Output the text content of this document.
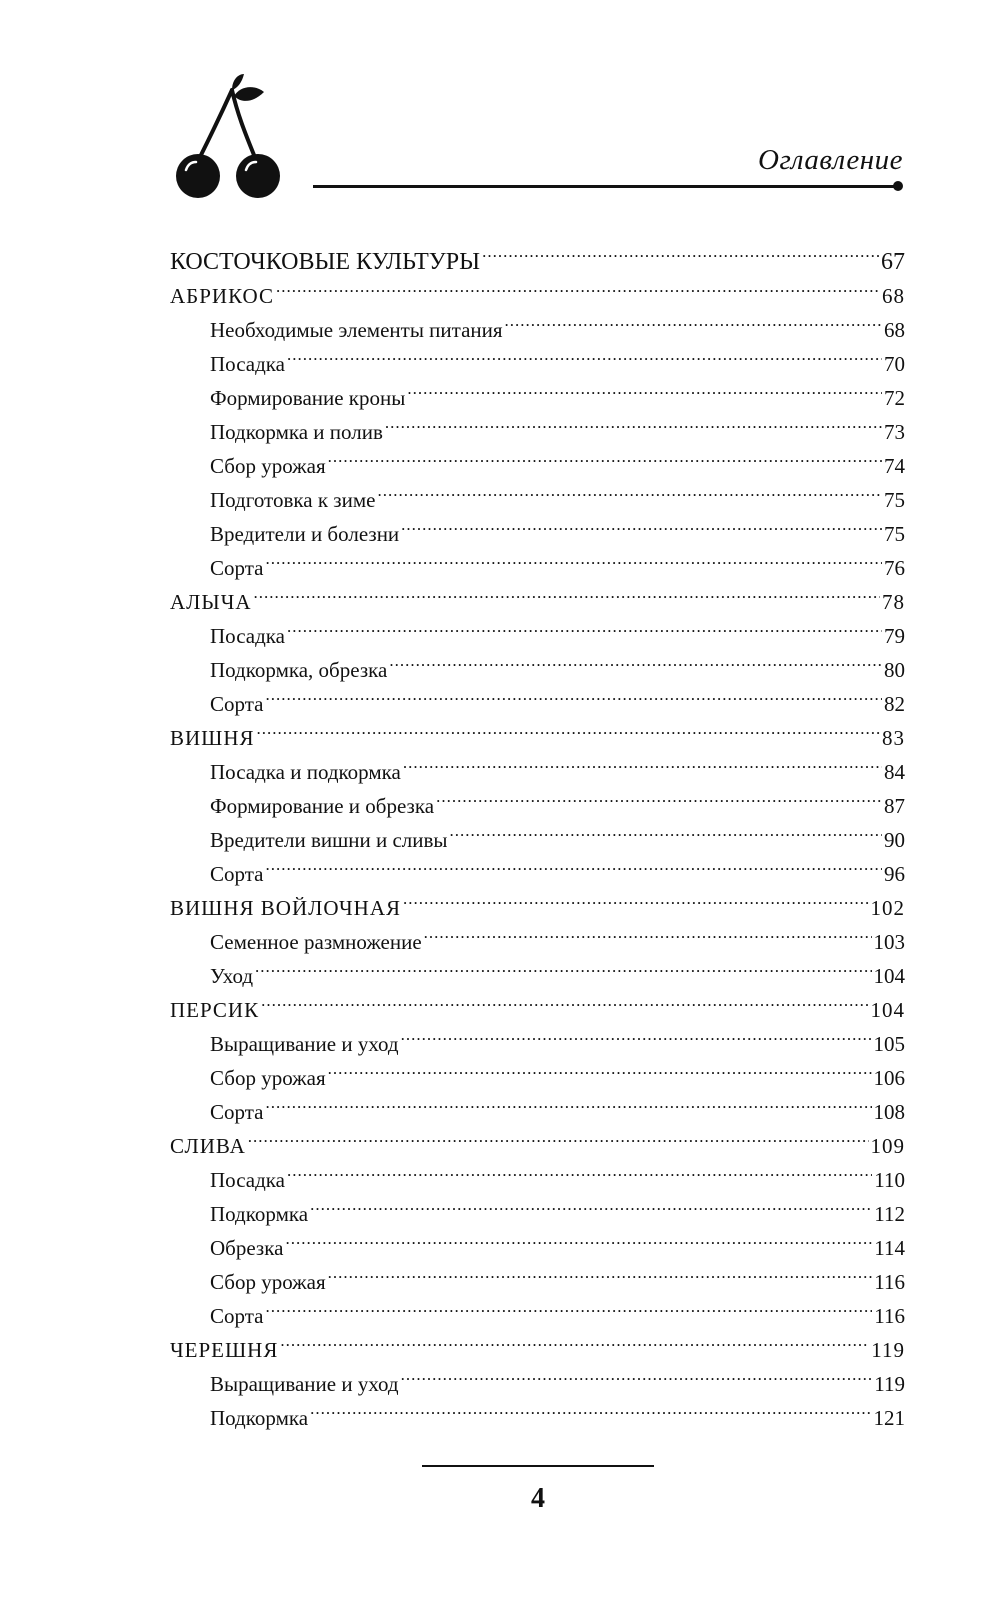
Оглавление
КОСТОЧКОВЫЕ КУЛЬТУРЫ .....	67
АБРИКОС .....	68
Необходимые элементы питания .....	68
Посадка .....	70
Формирование кроны .....	72
Подкормка и полив .....	73
Сбор урожая .....	74
Подготовка к зиме .....	75
Вредители и болезни .....	75
Сорта .....	76
АЛЫЧА .....	78
Посадка .....	79
Подкормка, обрезка .....	80
Сорта .....	82
ВИШНЯ .....	83
Посадка и подкормка .....	84
Формирование и обрезка .....	87
Вредители вишни и сливы .....	90
Сорта .....	96
ВИШНЯ ВОЙЛОЧНАЯ .....	102
Семенное размножение .....	103
Уход .....	104
ПЕРСИК .....	104
Выращивание и уход .....	105
Сбор урожая .....	106
Сорта .....	108
СЛИВА .....	109
Посадка .....	110
Подкормка .....	112
Обрезка .....	114
Сбор урожая .....	116
Сорта .....	116
ЧЕРЕШНЯ .....	119
Выращивание и уход .....	119
Подкормка .....	121
4
